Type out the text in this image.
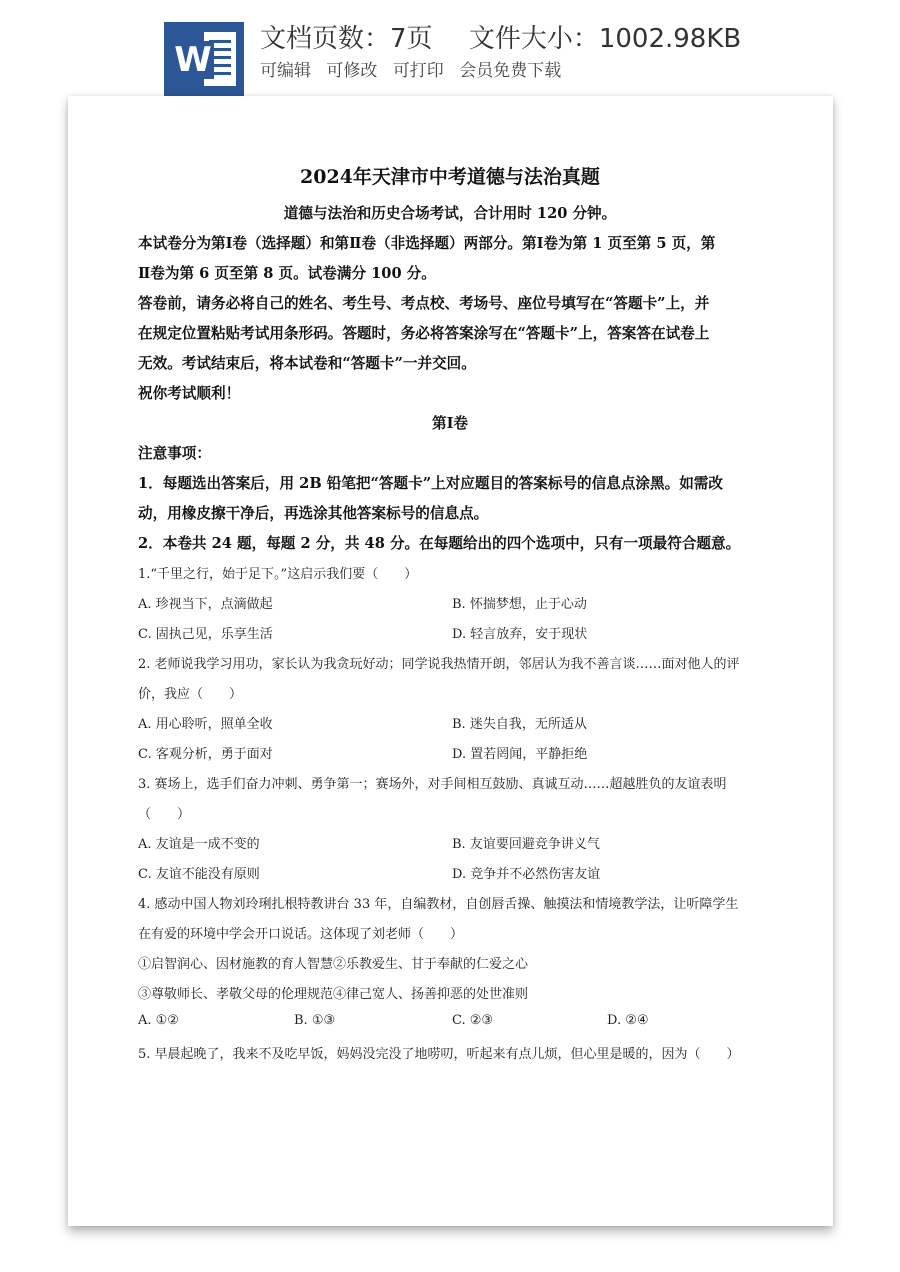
W
文档页数：7页 文件大小：1002.98KB
可编辑 可修改 可打印 会员免费下载
2024年天津市中考道德与法治真题
道德与法治和历史合场考试，合计用时 120 分钟。
本试卷分为第Ⅰ卷（选择题）和第Ⅱ卷（非选择题）两部分。第Ⅰ卷为第 1 页至第 5 页，第
Ⅱ卷为第 6 页至第 8 页。试卷满分 100 分。
答卷前，请务必将自己的姓名、考生号、考点校、考场号、座位号填写在“答题卡”上，并
在规定位置粘贴考试用条形码。答题时，务必将答案涂写在“答题卡”上，答案答在试卷上
无效。考试结束后，将本试卷和“答题卡”一并交回。
祝你考试顺利！
第Ⅰ卷
注意事项：
1．每题选出答案后，用 2B 铅笔把“答题卡”上对应题目的答案标号的信息点涂黑。如需改
动，用橡皮擦干净后，再选涂其他答案标号的信息点。
2．本卷共 24 题，每题 2 分，共 48 分。在每题给出的四个选项中，只有一项最符合题意。
1.“千里之行，始于足下。”这启示我们要（　　）
A. 珍视当下，点滴做起	B. 怀揣梦想，止于心动
C. 固执己见，乐享生活	D. 轻言放弃，安于现状
2. 老师说我学习用功，家长认为我贪玩好动；同学说我热情开朗，邻居认为我不善言谈……面对他人的评
价，我应（　　）
A. 用心聆听，照单全收	B. 迷失自我，无所适从
C. 客观分析，勇于面对	D. 置若罔闻，平静拒绝
3. 赛场上，选手们奋力冲刺、勇争第一；赛场外，对手间相互鼓励、真诚互动……超越胜负的友谊表明
（　　）
A. 友谊是一成不变的	B. 友谊要回避竞争讲义气
C. 友谊不能没有原则	D. 竞争并不必然伤害友谊
4. 感动中国人物刘玲琍扎根特教讲台 33 年，自编教材，自创唇舌操、触摸法和情境教学法，让听障学生
在有爱的环境中学会开口说话。这体现了刘老师（　　）
①启智润心、因材施教的育人智慧②乐教爱生、甘于奉献的仁爱之心
③尊敬师长、孝敬父母的伦理规范④律己宽人、扬善抑恶的处世准则
A. ①②	B. ①③	C. ②③	D. ②④
5. 早晨起晚了，我来不及吃早饭，妈妈没完没了地唠叨，听起来有点儿烦，但心里是暖的，因为（　　）
